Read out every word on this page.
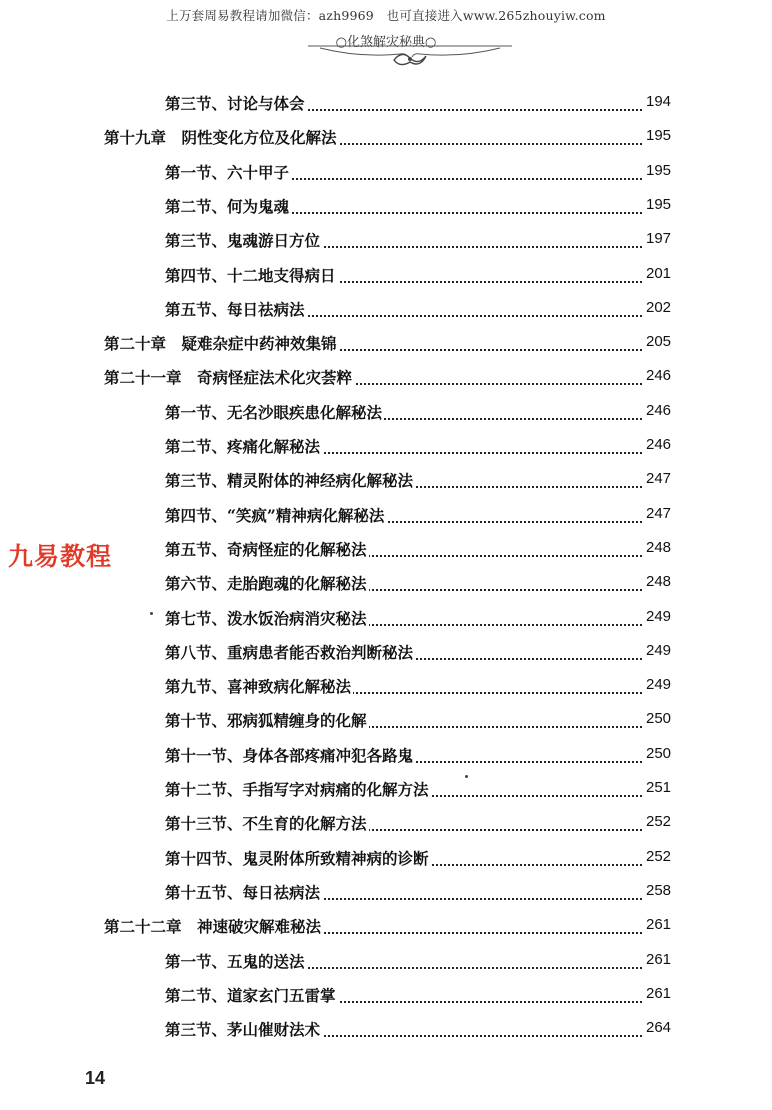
上万套周易教程请加微信：azh9969　也可直接进入www.265zhouyiw.com
○化煞解灾秘典○
第三节、讨论与体会	194
第十九章　阴性变化方位及化解法	195
第一节、六十甲子	195
第二节、何为鬼魂	195
第三节、鬼魂游日方位	197
第四节、十二地支得病日	201
第五节、每日祛病法	202
第二十章　疑难杂症中药神效集锦	205
第二十一章　奇病怪症法术化灾荟粹	246
第一节、无名沙眼疾患化解秘法	246
第二节、疼痛化解秘法	246
第三节、精灵附体的神经病化解秘法	247
第四节、“笑疯”精神病化解秘法	247
第五节、奇病怪症的化解秘法	248
第六节、走胎跑魂的化解秘法	248
第七节、泼水饭治病消灾秘法	249
第八节、重病患者能否救治判断秘法	249
第九节、喜神致病化解秘法	249
第十节、邪病狐精缠身的化解	250
第十一节、身体各部疼痛冲犯各路鬼	250
第十二节、手指写字对病痛的化解方法	251
第十三节、不生育的化解方法	252
第十四节、鬼灵附体所致精神病的诊断	252
第十五节、每日祛病法	258
第二十二章　神速破灾解难秘法	261
第一节、五鬼的送法	261
第二节、道家玄门五雷掌	261
第三节、茅山催财法术	264
九易教程
14
